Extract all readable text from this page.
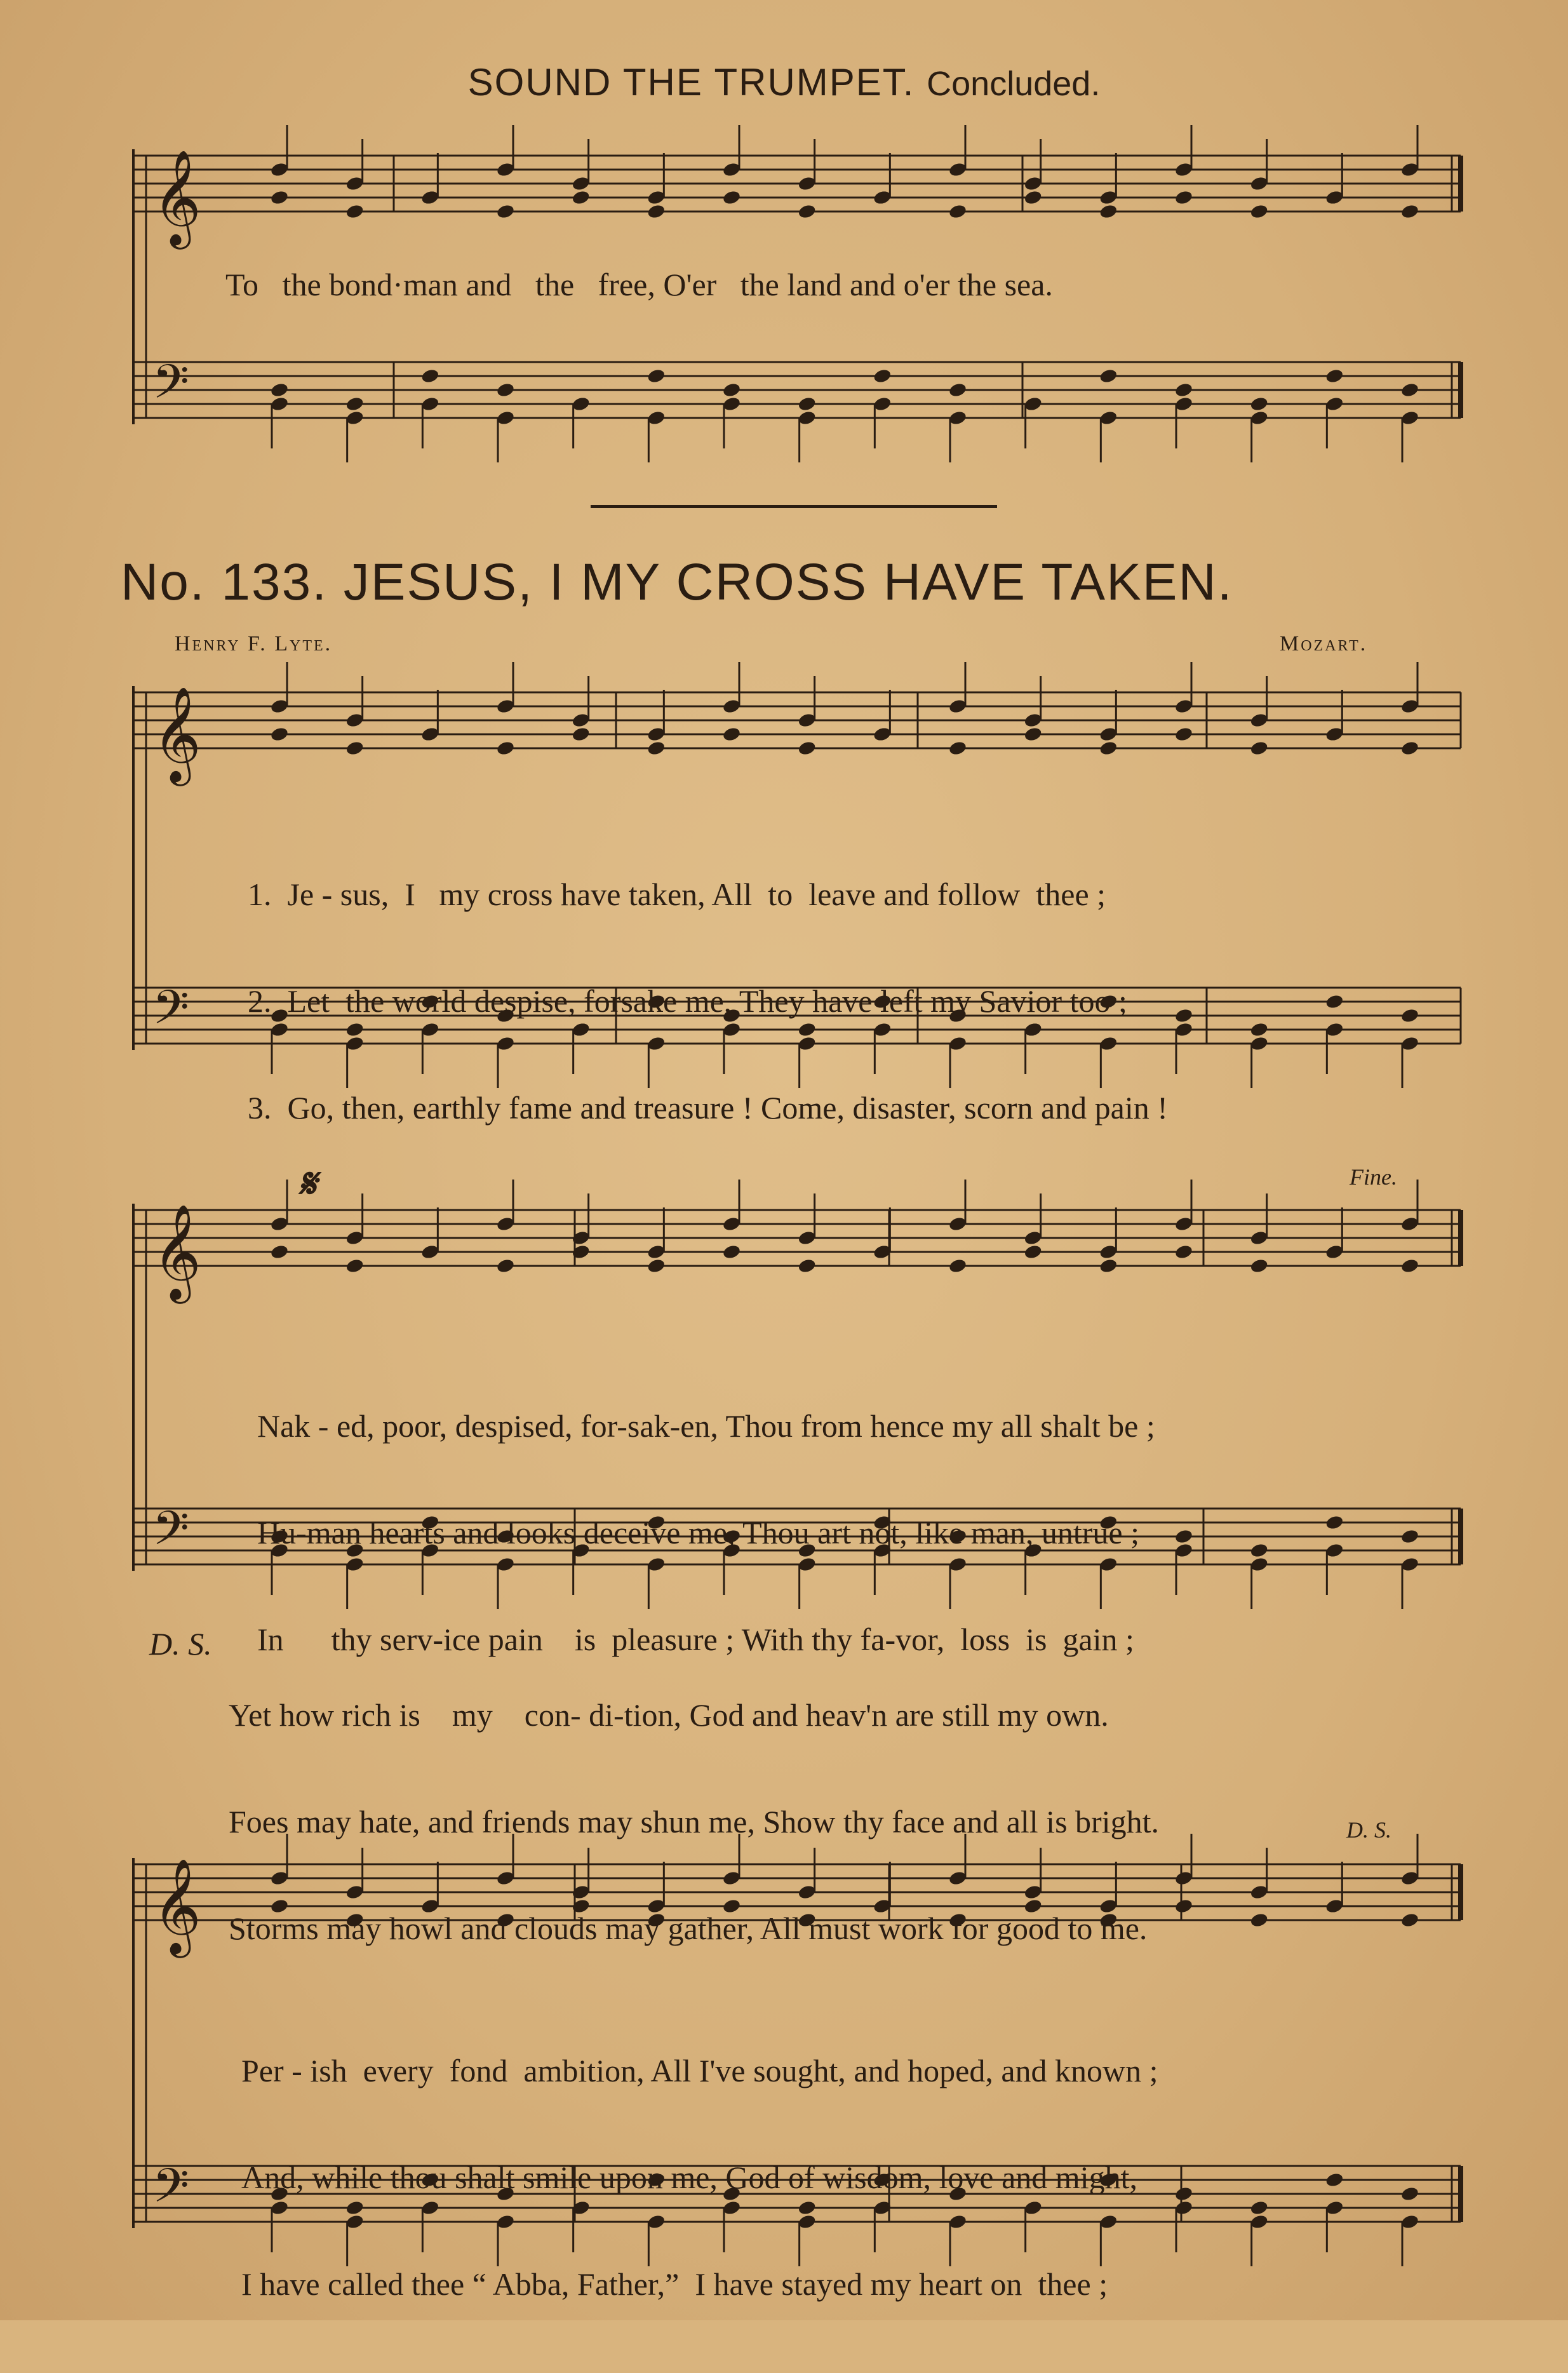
SOUND THE TRUMPET. Concluded.
𝄞
𝄢
𝄞
𝄢
𝄞
𝄢
𝄞
𝄢
𝄋
To   the bond·man and   the   free, O'er   the land and o'er the sea.
No. 133. JESUS, I MY CROSS HAVE TAKEN.
Henry F. Lyte.	Mozart.

1.  Je - sus,  I   my cross have taken, All  to  leave and follow  thee ;

2.  Let  the world despise, forsake me, They have left my Savior too ;

3.  Go, then, earthly fame and treasure ! Come, disaster, scorn and pain !

Fine.

Nak - ed, poor, despised, for-sak-en, Thou from hence my all shalt be ;

Hu-man hearts and looks deceive me, Thou art not, like man, untrue ;

In      thy serv-ice pain    is  pleasure ; With thy fa-vor,  loss  is  gain ;

D. S.

Yet how rich is    my    con- di-tion, God and heav'n are still my own.

Foes may hate, and friends may shun me, Show thy face and all is bright.

Storms may howl and clouds may gather, All must work for good to me.

D. S.

Per - ish  every  fond  ambition, All I've sought, and hoped, and known ;

And, while thou shalt smile upon me, God of wisdom, love and might,

I have called thee “ Abba, Father,”  I have stayed my heart on  thee ;
